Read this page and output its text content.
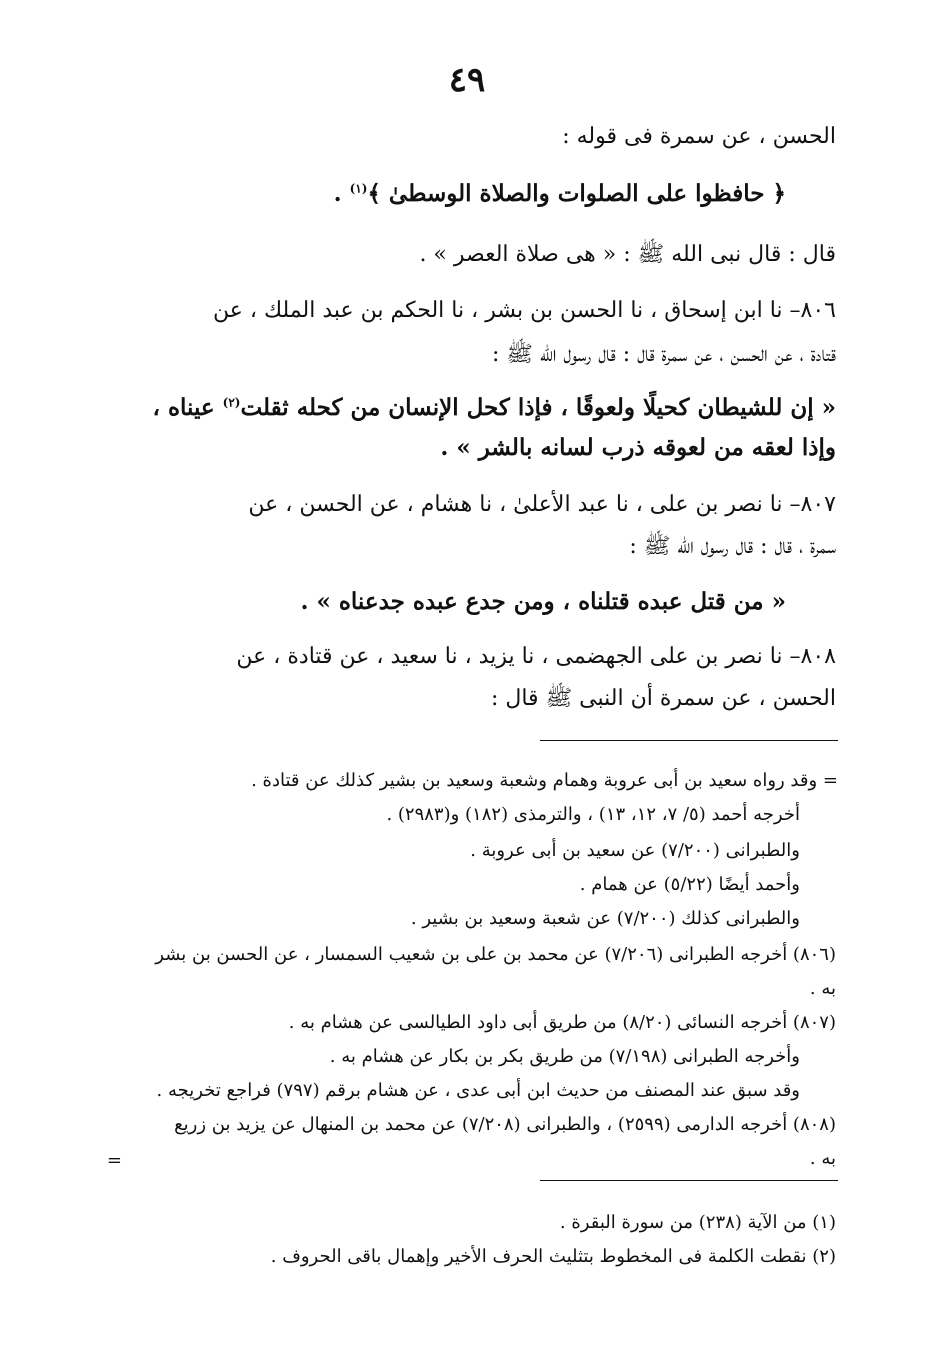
٤٩
الحسن ، عن سمرة فى قوله :
﴿ حافظوا على الصلوات والصلاة الوسطىٰ ﴾$^{(١)}$ .
قال : قال نبى الله ﷺ : « هى صلاة العصر » .
٨٠٦– نا ابن إسحاق ، نا الحسن بن بشر ، نا الحكم بن عبد الملك ، عن
قتادة ، عن الحسن ، عن سمرة قال : قال رسول الله ﷺ :
« إن للشيطان كحيلًا ولعوقًا ، فإذا كحل الإنسان من كحله ثقلت$^{(٢)}$ عيناه ،
وإذا لعقه من لعوقه ذرب لسانه بالشر » .
٨٠٧– نا نصر بن على ، نا عبد الأعلىٰ ، نا هشام ، عن الحسن ، عن
سمرة ، قال : قال رسول الله ﷺ :
« من قتل عبده قتلناه ، ومن جدع عبده جدعناه » .
٨٠٨– نا نصر بن على الجهضمى ، نا يزيد ، نا سعيد ، عن قتادة ، عن
الحسن ، عن سمرة أن النبى ﷺ قال :
= وقد رواه سعيد بن أبى عروبة وهمام وشعبة وسعيد بن بشير كذلك عن قتادة .
أخرجه أحمد (٥/ ٧، ١٢، ١٣) ، والترمذى (١٨٢) و(٢٩٨٣) .
والطبرانى (٧/٢٠٠) عن سعيد بن أبى عروبة .
وأحمد أيضًا (٥/٢٢) عن همام .
والطبرانى كذلك (٧/٢٠٠) عن شعبة وسعيد بن بشير .
(٨٠٦) أخرجه الطبرانى (٧/٢٠٦) عن محمد بن على بن شعيب السمسار ، عن الحسن بن بشر
به .
(٨٠٧) أخرجه النسائى (٨/٢٠) من طريق أبى داود الطيالسى عن هشام به .
وأخرجه الطبرانى (٧/١٩٨) من طريق بكر بن بكار عن هشام به .
وقد سبق عند المصنف من حديث ابن أبى عدى ، عن هشام برقم (٧٩٧) فراجع تخريجه .
(٨٠٨) أخرجه الدارمى (٢٥٩٩) ، والطبرانى (٧/٢٠٨) عن محمد بن المنهال عن يزيد بن زريع
به .
=
(١) من الآية (٢٣٨) من سورة البقرة .
(٢) نقطت الكلمة فى المخطوط بتثليث الحرف الأخير وإهمال باقى الحروف .
